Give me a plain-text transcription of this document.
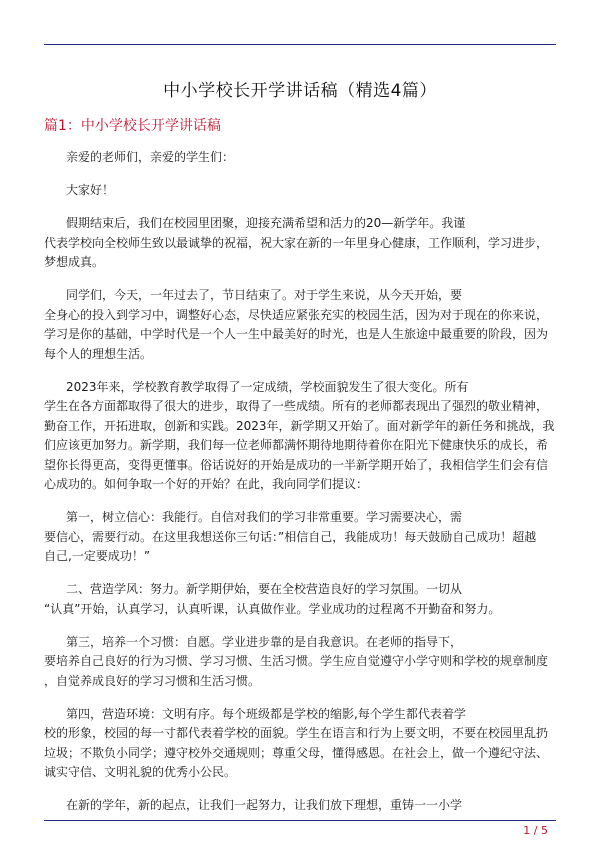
中小学校长开学讲话稿（精选4篇）
篇1：中小学校长开学讲话稿
亲爱的老师们，亲爱的学生们：
大家好！
假期结束后，我们在校园里团聚，迎接充满希望和活力的20—新学年。我谨
代表学校向全校师生致以最诚挚的祝福，祝大家在新的一年里身心健康，工作顺利，学习进步，
梦想成真。
同学们，今天，一年过去了，节日结束了。对于学生来说，从今天开始，要
全身心的投入到学习中，调整好心态，尽快适应紧张充实的校园生活，因为对于现在的你来说，
学习是你的基础，中学时代是一个人一生中最美好的时光，也是人生旅途中最重要的阶段，因为
每个人的理想生活。
2023年来，学校教育教学取得了一定成绩，学校面貌发生了很大变化。所有
学生在各方面都取得了很大的进步，取得了一些成绩。所有的老师都表现出了强烈的敬业精神，
勤奋工作，开拓进取，创新和实践。2023年，新学期又开始了。面对新学年的新任务和挑战，我
们应该更加努力。新学期，我们每一位老师都满怀期待地期待着你在阳光下健康快乐的成长，希
望你长得更高，变得更懂事。俗话说好的开始是成功的一半新学期开始了，我相信学生们会有信
心成功的。如何争取一个好的开始？在此，我向同学们提议：
第一，树立信心：我能行。自信对我们的学习非常重要。学习需要决心，需
要信心，需要行动。在这里我想送你三句话：”相信自己，我能成功！每天鼓励自己成功！超越
自己,一定要成功！”
二、营造学风：努力。新学期伊始，要在全校营造良好的学习氛围。一切从
“认真”开始，认真学习，认真听课，认真做作业。学业成功的过程离不开勤奋和努力。
第三，培养一个习惯：自愿。学业进步靠的是自我意识。在老师的指导下，
要培养自己良好的行为习惯、学习习惯、生活习惯。学生应自觉遵守小学守则和学校的规章制度
，自觉养成良好的学习习惯和生活习惯。
第四，营造环境：文明有序。每个班级都是学校的缩影,每个学生都代表着学
校的形象，校园的每一寸都代表着学校的面貌。学生在语言和行为上要文明，不要在校园里乱扔
垃圾；不欺负小同学；遵守校外交通规则；尊重父母，懂得感恩。在社会上，做一个遵纪守法、
诚实守信、文明礼貌的优秀小公民。
在新的学年，新的起点，让我们一起努力，让我们放下理想，重铸一一小学
1 / 5
